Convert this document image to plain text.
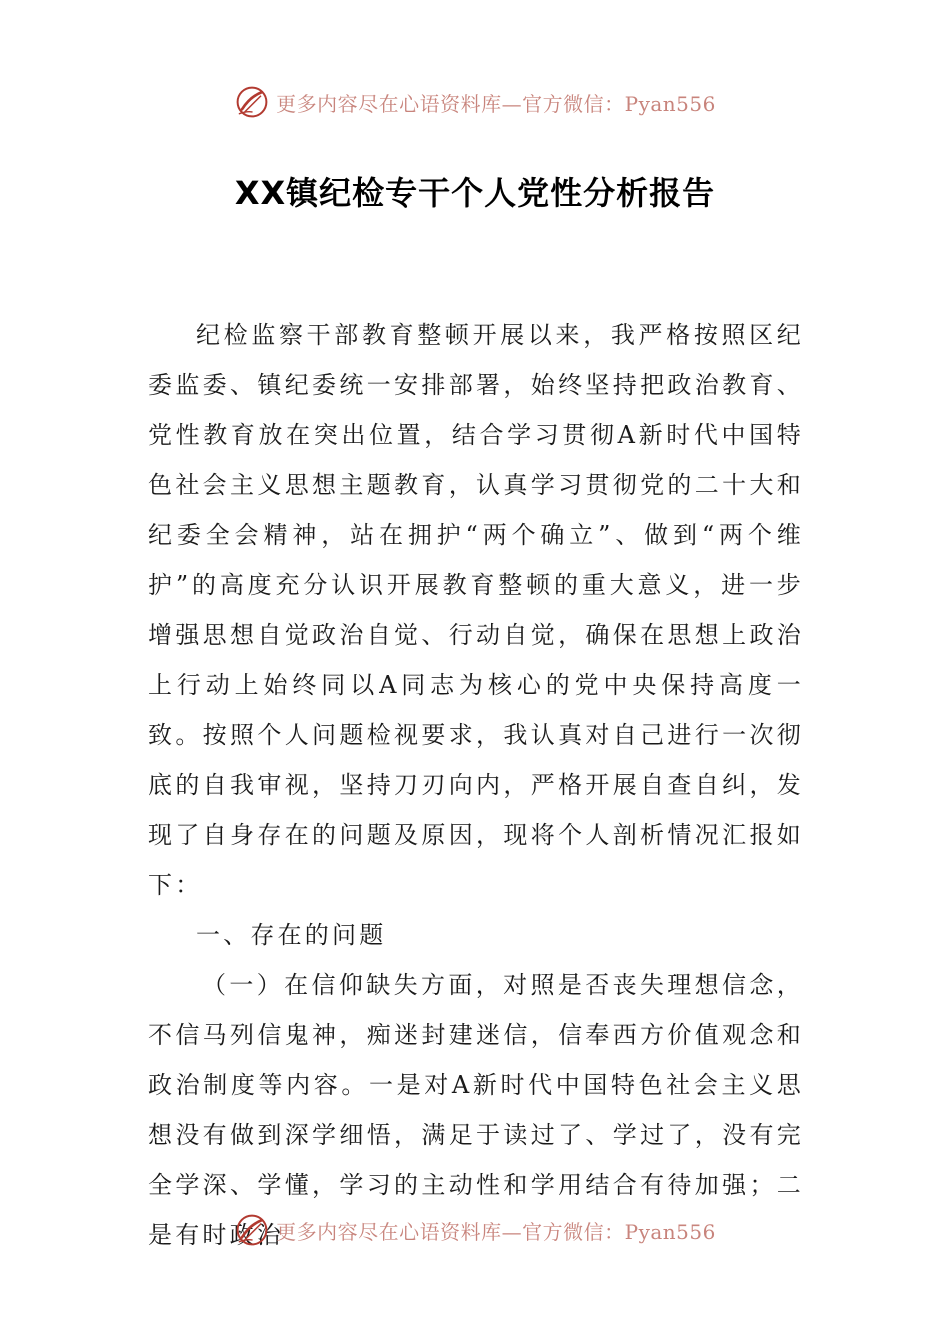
更多内容尽在心语资料库—官方微信：Pyan556
XX镇纪检专干个人党性分析报告

纪检监察干部教育整顿开展以来，我严格按照区纪委监委、镇纪委统一安排部署，始终坚持把政治教育、党性教育放在突出位置，结合学习贯彻A新时代中国特色社会主义思想主题教育，认真学习贯彻党的二十大和纪委全会精神，站在拥护“两个确立”、做到“两个维护”的高度充分认识开展教育整顿的重大意义，进一步增强思想自觉政治自觉、行动自觉，确保在思想上政治上行动上始终同以A同志为核心的党中央保持高度一致。按照个人问题检视要求，我认真对自己进行一次彻底的自我审视，坚持刀刃向内，严格开展自查自纠，发现了自身存在的问题及原因，现将个人剖析情况汇报如下：

一、存在的问题

（一）在信仰缺失方面，对照是否丧失理想信念，不信马列信鬼神，痴迷封建迷信，信奉西方价值观念和政治制度等内容。一是对A新时代中国特色社会主义思想没有做到深学细悟，满足于读过了、学过了，没有完全学深、学懂，学习的主动性和学用结合有待加强；二是有时政治

更多内容尽在心语资料库—官方微信：Pyan556
